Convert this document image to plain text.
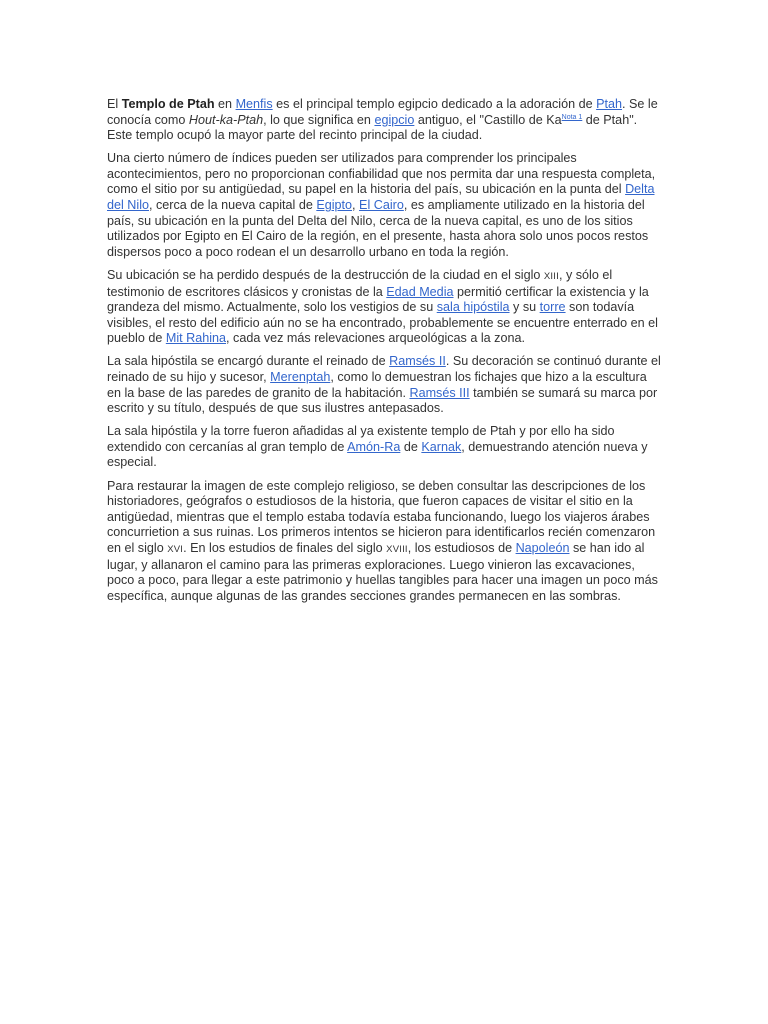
El Templo de Ptah en Menfis es el principal templo egipcio dedicado a la adoración de Ptah. Se le conocía como Hout-ka-Ptah, lo que significa en egipcio antiguo, el "Castillo de Ka$^{Nota 1}$ de Ptah". Este templo ocupó la mayor parte del recinto principal de la ciudad.

Una cierto número de índices pueden ser utilizados para comprender los principales acontecimientos, pero no proporcionan confiabilidad que nos permita dar una respuesta completa, como el sitio por su antigüedad, su papel en la historia del país, su ubicación en la punta del Delta del Nilo, cerca de la nueva capital de Egipto, El Cairo, es ampliamente utilizado en la historia del país, su ubicación en la punta del Delta del Nilo, cerca de la nueva capital, es uno de los sitios utilizados por Egipto en El Cairo de la región, en el presente, hasta ahora solo unos pocos restos dispersos poco a poco rodean el un desarrollo urbano en toda la región.

Su ubicación se ha perdido después de la destrucción de la ciudad en el siglo XIII, y sólo el testimonio de escritores clásicos y cronistas de la Edad Media permitió certificar la existencia y la grandeza del mismo. Actualmente, solo los vestigios de su sala hipóstila y su torre son todavía visibles, el resto del edificio aún no se ha encontrado, probablemente se encuentre enterrado en el pueblo de Mit Rahina, cada vez más relevaciones arqueológicas a la zona.

La sala hipóstila se encargó durante el reinado de Ramsés II. Su decoración se continuó durante el reinado de su hijo y sucesor, Merenptah, como lo demuestran los fichajes que hizo a la escultura en la base de las paredes de granito de la habitación. Ramsés III también se sumará su marca por escrito y su título, después de que sus ilustres antepasados.

La sala hipóstila y la torre fueron añadidas al ya existente templo de Ptah y por ello ha sido extendido con cercanías al gran templo de Amón-Ra de Karnak, demuestrando atención nueva y especial.

Para restaurar la imagen de este complejo religioso, se deben consultar las descripciones de los historiadores, geógrafos o estudiosos de la historia, que fueron capaces de visitar el sitio en la antigüedad, mientras que el templo estaba todavía estaba funcionando, luego los viajeros árabes concurrietion a sus ruinas. Los primeros intentos se hicieron para identificarlos recién comenzaron en el siglo XVI. En los estudios de finales del siglo XVIII, los estudiosos de Napoleón se han ido al lugar, y allanaron el camino para las primeras exploraciones. Luego vinieron las excavaciones, poco a poco, para llegar a este patrimonio y huellas tangibles para hacer una imagen un poco más específica, aunque algunas de las grandes secciones grandes permanecen en las sombras.
